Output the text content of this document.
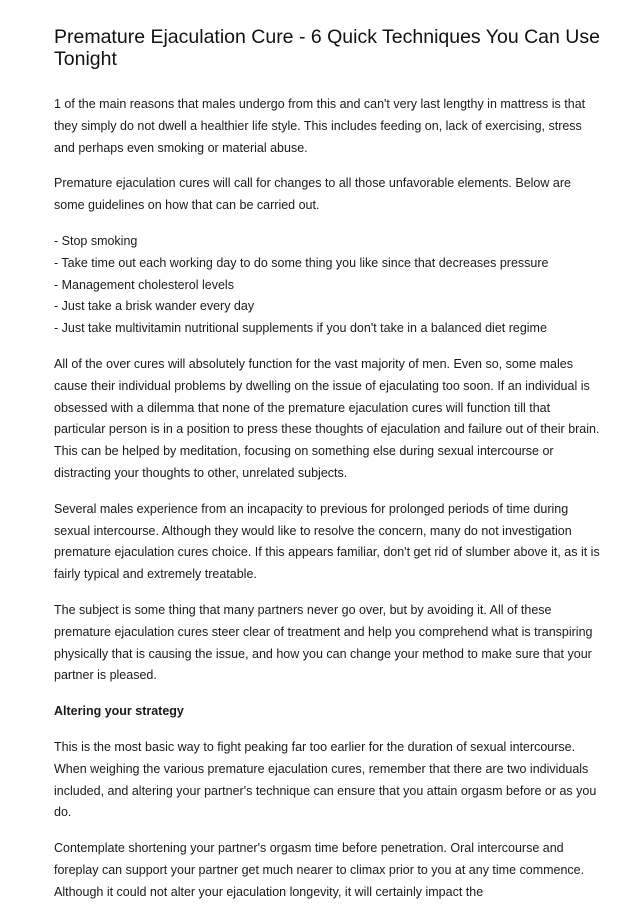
Premature Ejaculation Cure - 6 Quick Techniques You Can Use Tonight

1 of the main reasons that males undergo from this and can't very last lengthy in mattress is that they simply do not dwell a healthier life style. This includes feeding on, lack of exercising, stress and perhaps even smoking or material abuse.

Premature ejaculation cures will call for changes to all those unfavorable elements. Below are some guidelines on how that can be carried out.

- Stop smoking
- Take time out each working day to do some thing you like since that decreases pressure
- Management cholesterol levels
- Just take a brisk wander every day
- Just take multivitamin nutritional supplements if you don't take in a balanced diet regime

All of the over cures will absolutely function for the vast majority of men. Even so, some males cause their individual problems by dwelling on the issue of ejaculating too soon. If an individual is obsessed with a dilemma that none of the premature ejaculation cures will function till that particular person is in a position to press these thoughts of ejaculation and failure out of their brain. This can be helped by meditation, focusing on something else during sexual intercourse or distracting your thoughts to other, unrelated subjects.

Several males experience from an incapacity to previous for prolonged periods of time during sexual intercourse. Although they would like to resolve the concern, many do not investigation premature ejaculation cures choice. If this appears familiar, don't get rid of slumber above it, as it is fairly typical and extremely treatable.

The subject is some thing that many partners never go over, but by avoiding it. All of these premature ejaculation cures steer clear of treatment and help you comprehend what is transpiring physically that is causing the issue, and how you can change your method to make sure that your partner is pleased.

Altering your strategy

This is the most basic way to fight peaking far too earlier for the duration of sexual intercourse. When weighing the various premature ejaculation cures, remember that there are two individuals included, and altering your partner's technique can ensure that you attain orgasm before or as you do.

Contemplate shortening your partner's orgasm time before penetration. Oral intercourse and foreplay can support your partner get much nearer to climax prior to you at any time commence. Although it could not alter your ejaculation longevity, it will certainly impact the
